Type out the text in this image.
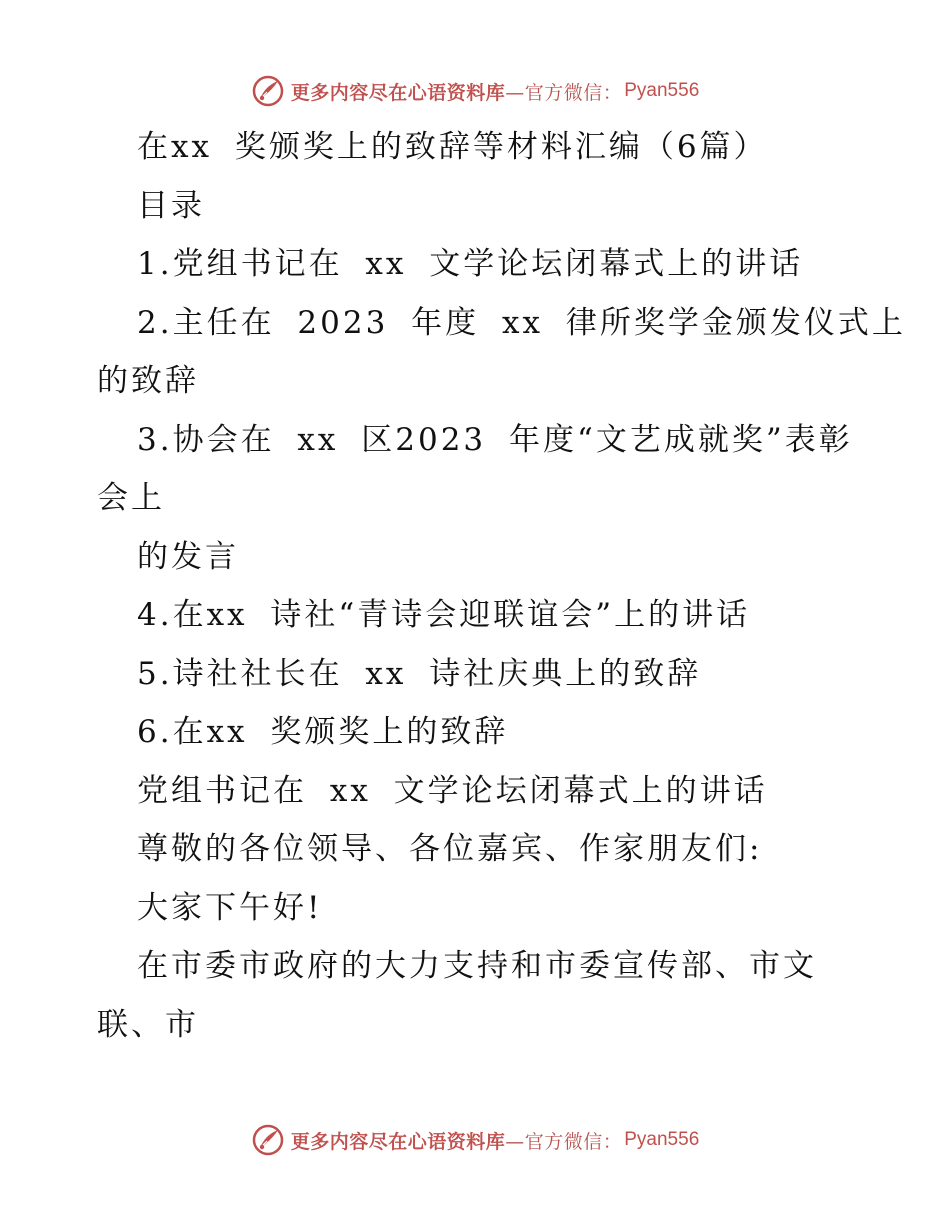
更多内容尽在心语资料库 —官方微信： Pyan556
在xx 奖颁奖上的致辞等材料汇编（6篇）
目录
1.党组书记在 xx 文学论坛闭幕式上的讲话
2.主任在 2023 年度 xx 律所奖学金颁发仪式上
的致辞
3.协会在 xx 区2023 年度“文艺成就奖”表彰
会上
的发言
4.在xx 诗社“青诗会迎联谊会”上的讲话
5.诗社社长在 xx 诗社庆典上的致辞
6.在xx 奖颁奖上的致辞
党组书记在 xx 文学论坛闭幕式上的讲话
尊敬的各位领导、各位嘉宾、作家朋友们:
大家下午好!
在市委市政府的大力支持和市委宣传部、市文
联、市
更多内容尽在心语资料库 —官方微信： Pyan556
